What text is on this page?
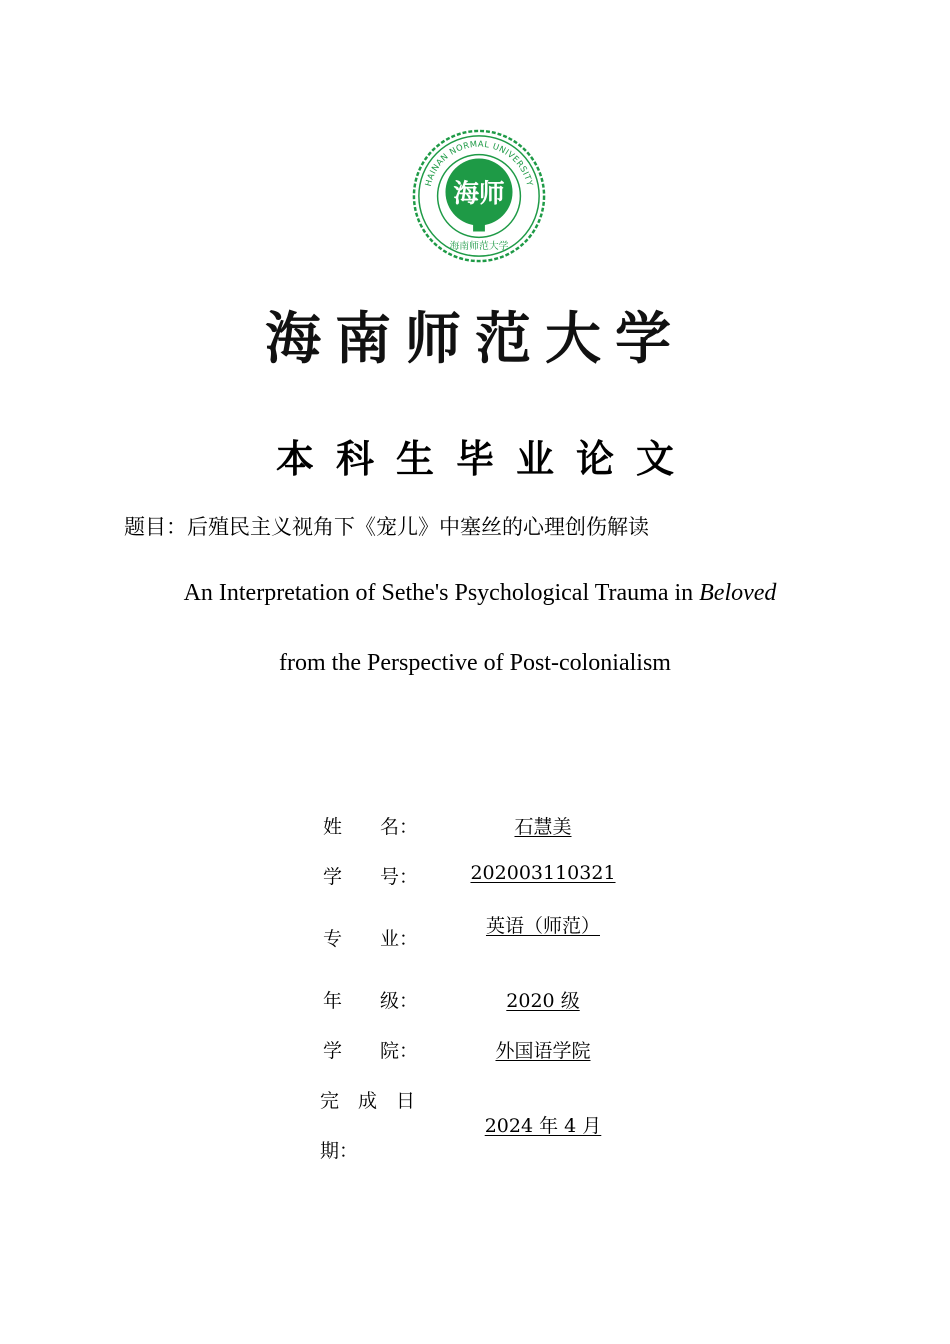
HAINAN NORMAL UNIVERSITY
海师
海南师范大学
海南师范大学
本科生毕业论文
题目：后殖民主义视角下《宠儿》中塞丝的心理创伤解读
An Interpretation of Sethe's Psychological Trauma in Beloved
from the Perspective of Post-colonialism
姓　　名：	石慧美
学　　号：	202003110321
专　　业：
英语（师范）
年　　级：	2020 级
学　　院：	外国语学院
完　成　日
期：
2024 年 4 月
